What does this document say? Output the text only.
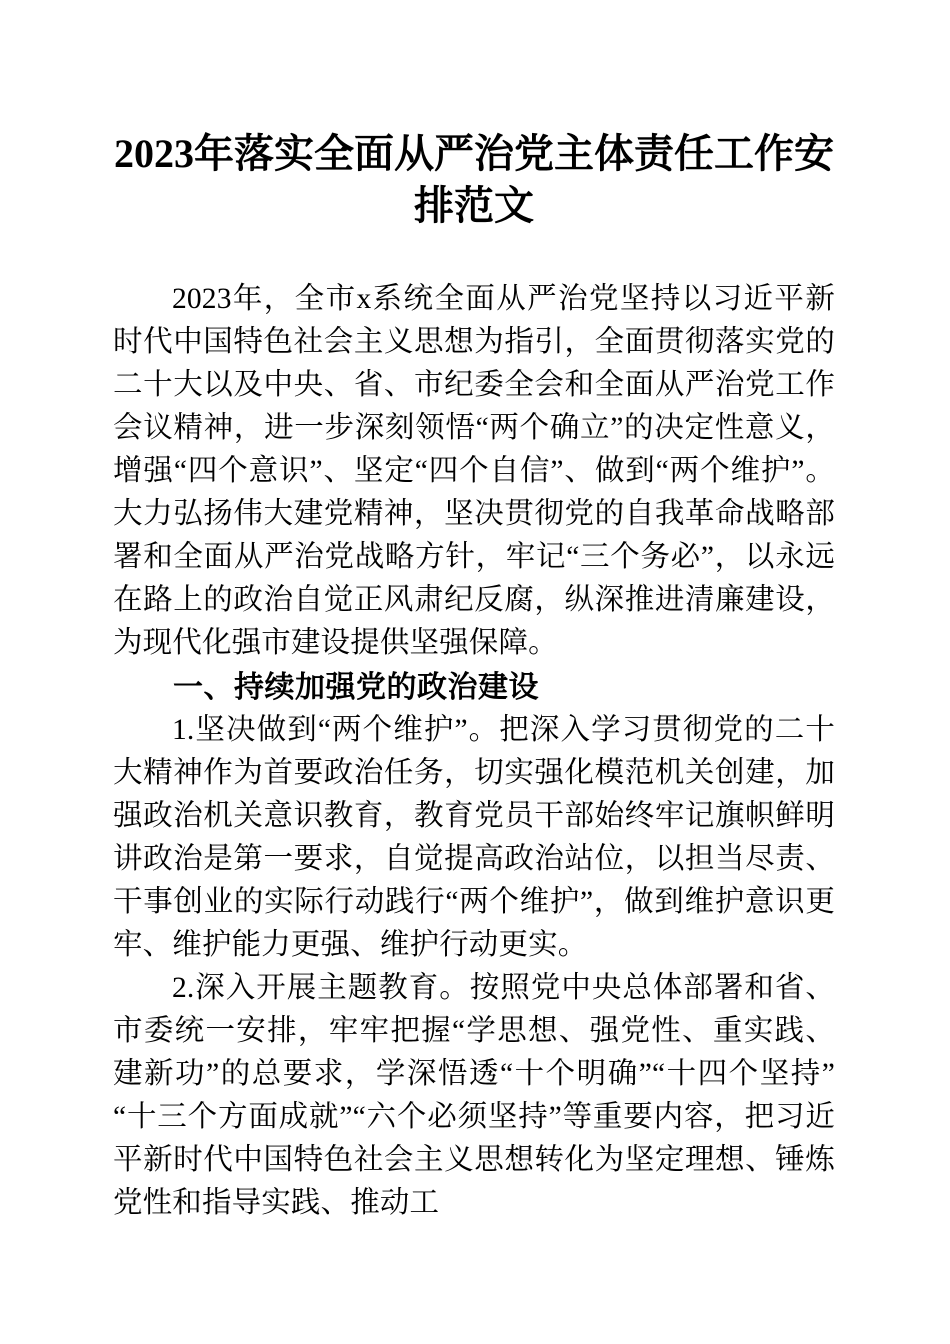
2023年落实全面从严治党主体责任工作安排范文

2023年，全市x系统全面从严治党坚持以习近平新时代中国特色社会主义思想为指引，全面贯彻落实党的二十大以及中央、省、市纪委全会和全面从严治党工作会议精神，进一步深刻领悟“两个确立”的决定性意义，增强“四个意识”、坚定“四个自信”、做到“两个维护”。大力弘扬伟大建党精神，坚决贯彻党的自我革命战略部署和全面从严治党战略方针，牢记“三个务必”，以永远在路上的政治自觉正风肃纪反腐，纵深推进清廉建设，为现代化强市建设提供坚强保障。

一、持续加强党的政治建设

1.坚决做到“两个维护”。把深入学习贯彻党的二十大精神作为首要政治任务，切实强化模范机关创建，加强政治机关意识教育，教育党员干部始终牢记旗帜鲜明讲政治是第一要求，自觉提高政治站位，以担当尽责、干事创业的实际行动践行“两个维护”，做到维护意识更牢、维护能力更强、维护行动更实。

2.深入开展主题教育。按照党中央总体部署和省、市委统一安排，牢牢把握“学思想、强党性、重实践、建新功”的总要求，学深悟透“十个明确”“十四个坚持”“十三个方面成就”“六个必须坚持”等重要内容，把习近平新时代中国特色社会主义思想转化为坚定理想、锤炼党性和指导实践、推动工
